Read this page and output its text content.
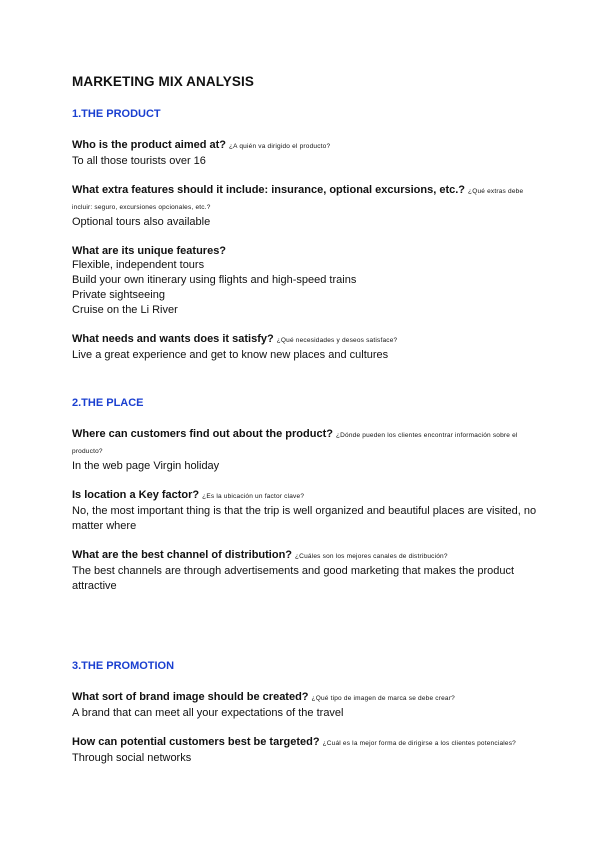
MARKETING MIX ANALYSIS
1.THE PRODUCT
Who is the product aimed at? ¿A quién va dirigido el producto?
To all those tourists over 16
What extra features should it include: insurance, optional excursions, etc.? ¿Qué extras debe incluir: seguro, excursiones opcionales, etc.?
Optional tours also available
What are its unique features?
Flexible, independent tours
Build your own itinerary using flights and high-speed trains
Private sightseeing
Cruise on the Li River
What needs and wants does it satisfy? ¿Qué necesidades y deseos satisface?
Live a great experience and get to know new places and cultures
2.THE PLACE
Where can customers find out about the product? ¿Dónde pueden los clientes encontrar información sobre el producto?
In the web page Virgin holiday
Is location a Key factor? ¿Es la ubicación un factor clave?
No, the most important thing is that the trip is well organized and beautiful places are visited, no matter where
What are the best channel of distribution? ¿Cuáles son los mejores canales de distribución?
The best channels are through advertisements and good marketing that makes the product attractive
3.THE PROMOTION
What sort of brand image should be created? ¿Qué tipo de imagen de marca se debe crear?
A brand that can meet all your expectations of the travel
How can potential customers best be targeted? ¿Cuál es la mejor forma de dirigirse a los clientes potenciales?
Through social networks
